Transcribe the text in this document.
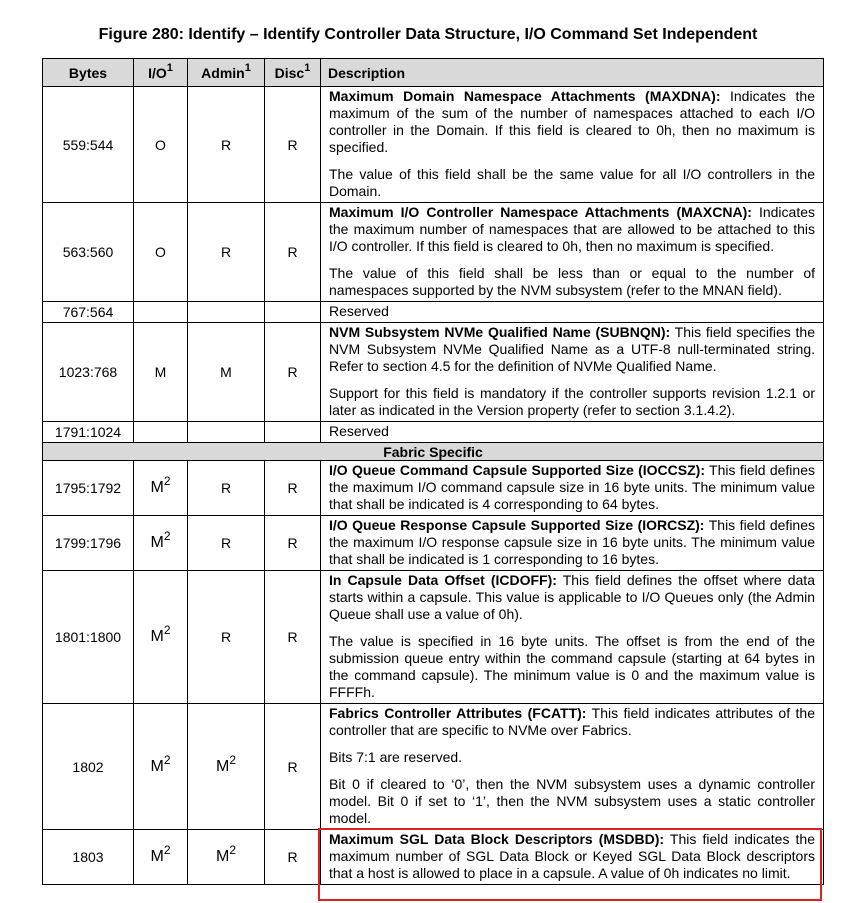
Figure 280: Identify – Identify Controller Data Structure, I/O Command Set Independent
Bytes	$I/O^1$	Admin$^1$	Disc$^1$	Description
559:544	O	R	R	Maximum Domain Namespace Attachments (MAXDNA): Indicates the maximum of the sum of the number of namespaces attached to each I/O controller in the Domain. If this field is cleared to 0h, then no maximum is specified.

The value of this field shall be the same value for all I/O controllers in the Domain.

563:560	O	R	R	Maximum I/O Controller Namespace Attachments (MAXCNA): Indicates the maximum number of namespaces that are allowed to be attached to this I/O controller. If this field is cleared to 0h, then no maximum is specified.

The value of this field shall be less than or equal to the number of namespaces supported by the NVM subsystem (refer to the MNAN field).

767:564				Reserved

1023:768	M	M	R	NVM Subsystem NVMe Qualified Name (SUBNQN): This field specifies the NVM Subsystem NVMe Qualified Name as a UTF-8 null-terminated string. Refer to section 4.5 for the definition of NVMe Qualified Name.

Support for this field is mandatory if the controller supports revision 1.2.1 or later as indicated in the Version property (refer to section 3.1.4.2).

1791:1024				Reserved

Fabric Specific				
1795:1792	$M^2$	R	R	I/O Queue Command Capsule Supported Size (IOCCSZ): This field defines the maximum I/O command capsule size in 16 byte units. The minimum value that shall be indicated is 4 corresponding to 64 bytes.

1799:1796	$M^2$	R	R	I/O Queue Response Capsule Supported Size (IORCSZ): This field defines the maximum I/O response capsule size in 16 byte units. The minimum value that shall be indicated is 1 corresponding to 16 bytes.

1801:1800	$M^2$	R	R	In Capsule Data Offset (ICDOFF): This field defines the offset where data starts within a capsule. This value is applicable to I/O Queues only (the Admin Queue shall use a value of 0h).

The value is specified in 16 byte units. The offset is from the end of the submission queue entry within the command capsule (starting at 64 bytes in the command capsule). The minimum value is 0 and the maximum value is FFFFh.

1802	$M^2$	$M^2$	R	Fabrics Controller Attributes (FCATT): This field indicates attributes of the controller that are specific to NVMe over Fabrics.

Bits 7:1 are reserved.

Bit 0 if cleared to ‘0’, then the NVM subsystem uses a dynamic controller model. Bit 0 if set to ‘1’, then the NVM subsystem uses a static controller model.

1803	$M^2$	$M^2$	R	Maximum SGL Data Block Descriptors (MSDBD): This field indicates the maximum number of SGL Data Block or Keyed SGL Data Block descriptors that a host is allowed to place in a capsule. A value of 0h indicates no limit.
